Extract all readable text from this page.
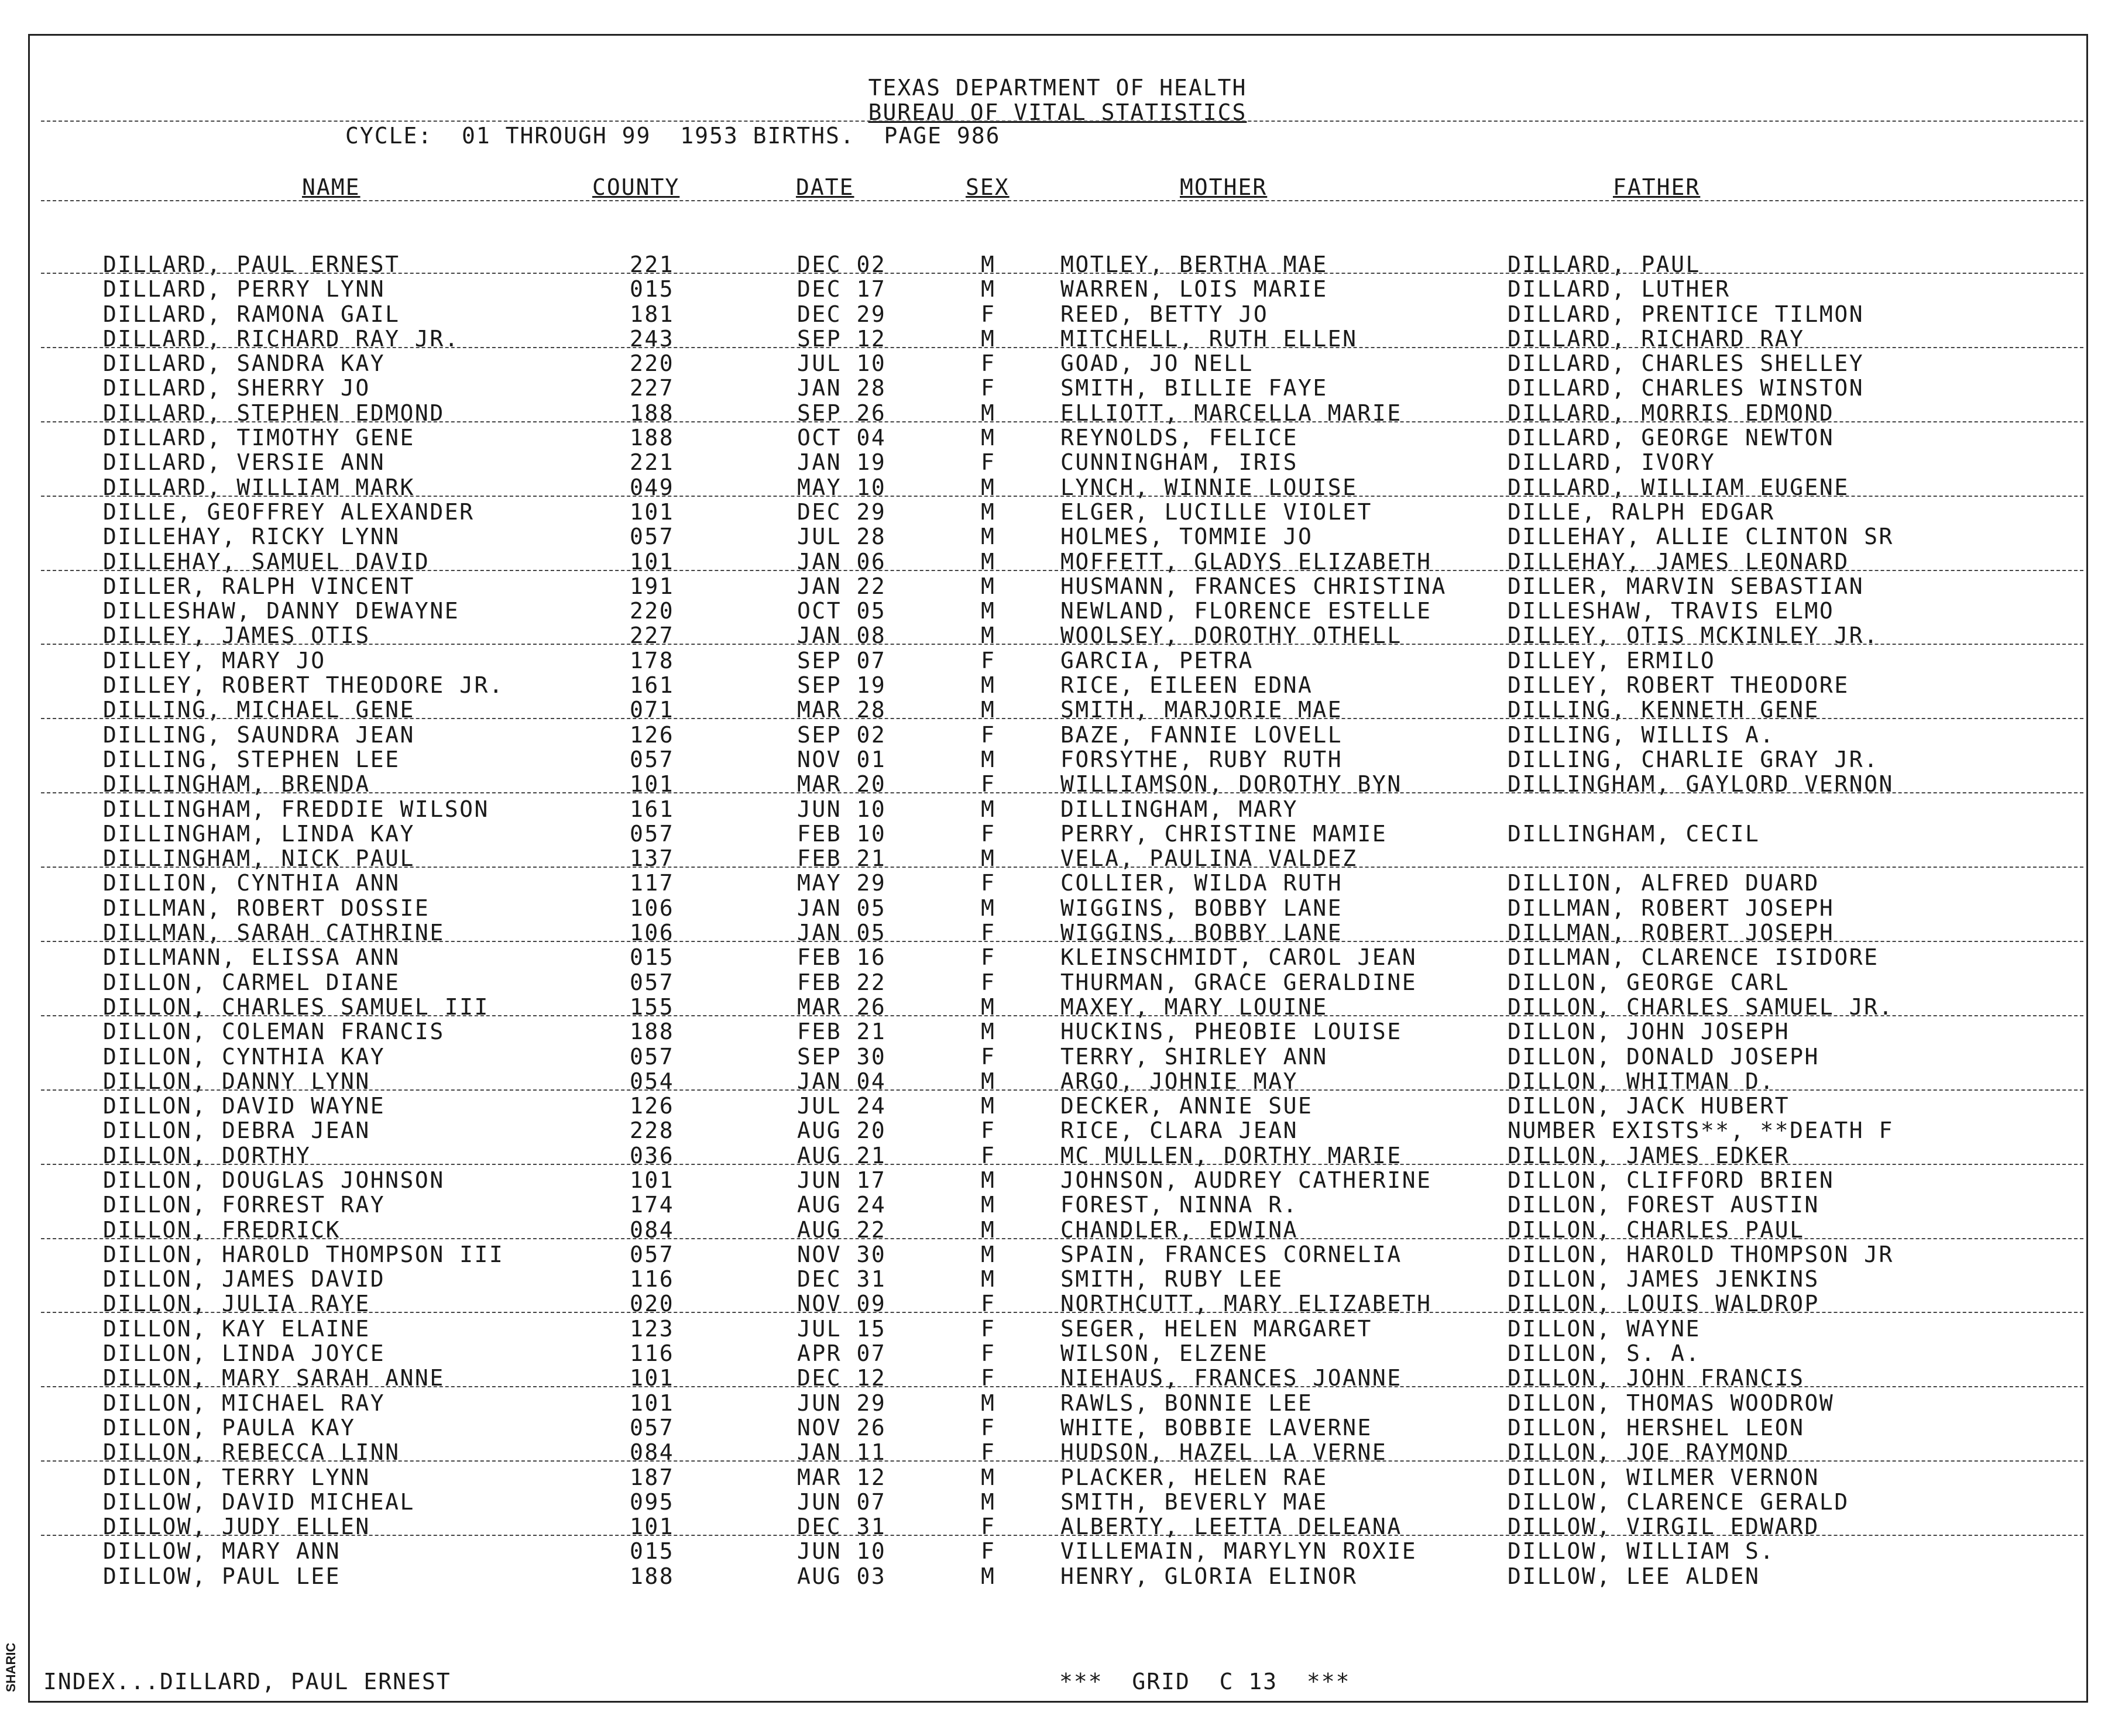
SHARIC
TEXAS DEPARTMENT OF HEALTH
BUREAU OF VITAL STATISTICS
CYCLE:  01 THROUGH 99  1953 BIRTHS.  PAGE 986
NAME	COUNTY	DATE	SEX	MOTHER	FATHER
DILLARD, PAUL ERNEST	221	DEC 02	M	MOTLEY, BERTHA MAE	DILLARD, PAUL
DILLARD, PERRY LYNN	015	DEC 17	M	WARREN, LOIS MARIE	DILLARD, LUTHER
DILLARD, RAMONA GAIL	181	DEC 29	F	REED, BETTY JO	DILLARD, PRENTICE TILMON
DILLARD, RICHARD RAY JR.	243	SEP 12	M	MITCHELL, RUTH ELLEN	DILLARD, RICHARD RAY
DILLARD, SANDRA KAY	220	JUL 10	F	GOAD, JO NELL	DILLARD, CHARLES SHELLEY
DILLARD, SHERRY JO	227	JAN 28	F	SMITH, BILLIE FAYE	DILLARD, CHARLES WINSTON
DILLARD, STEPHEN EDMOND	188	SEP 26	M	ELLIOTT, MARCELLA MARIE	DILLARD, MORRIS EDMOND
DILLARD, TIMOTHY GENE	188	OCT 04	M	REYNOLDS, FELICE	DILLARD, GEORGE NEWTON
DILLARD, VERSIE ANN	221	JAN 19	F	CUNNINGHAM, IRIS	DILLARD, IVORY
DILLARD, WILLIAM MARK	049	MAY 10	M	LYNCH, WINNIE LOUISE	DILLARD, WILLIAM EUGENE
DILLE, GEOFFREY ALEXANDER	101	DEC 29	M	ELGER, LUCILLE VIOLET	DILLE, RALPH EDGAR
DILLEHAY, RICKY LYNN	057	JUL 28	M	HOLMES, TOMMIE JO	DILLEHAY, ALLIE CLINTON SR
DILLEHAY, SAMUEL DAVID	101	JAN 06	M	MOFFETT, GLADYS ELIZABETH	DILLEHAY, JAMES LEONARD
DILLER, RALPH VINCENT	191	JAN 22	M	HUSMANN, FRANCES CHRISTINA	DILLER, MARVIN SEBASTIAN
DILLESHAW, DANNY DEWAYNE	220	OCT 05	M	NEWLAND, FLORENCE ESTELLE	DILLESHAW, TRAVIS ELMO
DILLEY, JAMES OTIS	227	JAN 08	M	WOOLSEY, DOROTHY OTHELL	DILLEY, OTIS MCKINLEY JR.
DILLEY, MARY JO	178	SEP 07	F	GARCIA, PETRA	DILLEY, ERMILO
DILLEY, ROBERT THEODORE JR.	161	SEP 19	M	RICE, EILEEN EDNA	DILLEY, ROBERT THEODORE
DILLING, MICHAEL GENE	071	MAR 28	M	SMITH, MARJORIE MAE	DILLING, KENNETH GENE
DILLING, SAUNDRA JEAN	126	SEP 02	F	BAZE, FANNIE LOVELL	DILLING, WILLIS A.
DILLING, STEPHEN LEE	057	NOV 01	M	FORSYTHE, RUBY RUTH	DILLING, CHARLIE GRAY JR.
DILLINGHAM, BRENDA	101	MAR 20	F	WILLIAMSON, DOROTHY BYN	DILLINGHAM, GAYLORD VERNON
DILLINGHAM, FREDDIE WILSON	161	JUN 10	M	DILLINGHAM, MARY
DILLINGHAM, LINDA KAY	057	FEB 10	F	PERRY, CHRISTINE MAMIE	DILLINGHAM, CECIL
DILLINGHAM, NICK PAUL	137	FEB 21	M	VELA, PAULINA VALDEZ
DILLION, CYNTHIA ANN	117	MAY 29	F	COLLIER, WILDA RUTH	DILLION, ALFRED DUARD
DILLMAN, ROBERT DOSSIE	106	JAN 05	M	WIGGINS, BOBBY LANE	DILLMAN, ROBERT JOSEPH
DILLMAN, SARAH CATHRINE	106	JAN 05	F	WIGGINS, BOBBY LANE	DILLMAN, ROBERT JOSEPH
DILLMANN, ELISSA ANN	015	FEB 16	F	KLEINSCHMIDT, CAROL JEAN	DILLMAN, CLARENCE ISIDORE
DILLON, CARMEL DIANE	057	FEB 22	F	THURMAN, GRACE GERALDINE	DILLON, GEORGE CARL
DILLON, CHARLES SAMUEL III	155	MAR 26	M	MAXEY, MARY LOUINE	DILLON, CHARLES SAMUEL JR.
DILLON, COLEMAN FRANCIS	188	FEB 21	M	HUCKINS, PHEOBIE LOUISE	DILLON, JOHN JOSEPH
DILLON, CYNTHIA KAY	057	SEP 30	F	TERRY, SHIRLEY ANN	DILLON, DONALD JOSEPH
DILLON, DANNY LYNN	054	JAN 04	M	ARGO, JOHNIE MAY	DILLON, WHITMAN D.
DILLON, DAVID WAYNE	126	JUL 24	M	DECKER, ANNIE SUE	DILLON, JACK HUBERT
DILLON, DEBRA JEAN	228	AUG 20	F	RICE, CLARA JEAN	NUMBER EXISTS**, **DEATH F
DILLON, DORTHY	036	AUG 21	F	MC MULLEN, DORTHY MARIE	DILLON, JAMES EDKER
DILLON, DOUGLAS JOHNSON	101	JUN 17	M	JOHNSON, AUDREY CATHERINE	DILLON, CLIFFORD BRIEN
DILLON, FORREST RAY	174	AUG 24	M	FOREST, NINNA R.	DILLON, FOREST AUSTIN
DILLON, FREDRICK	084	AUG 22	M	CHANDLER, EDWINA	DILLON, CHARLES PAUL
DILLON, HAROLD THOMPSON III	057	NOV 30	M	SPAIN, FRANCES CORNELIA	DILLON, HAROLD THOMPSON JR
DILLON, JAMES DAVID	116	DEC 31	M	SMITH, RUBY LEE	DILLON, JAMES JENKINS
DILLON, JULIA RAYE	020	NOV 09	F	NORTHCUTT, MARY ELIZABETH	DILLON, LOUIS WALDROP
DILLON, KAY ELAINE	123	JUL 15	F	SEGER, HELEN MARGARET	DILLON, WAYNE
DILLON, LINDA JOYCE	116	APR 07	F	WILSON, ELZENE	DILLON, S. A.
DILLON, MARY SARAH ANNE	101	DEC 12	F	NIEHAUS, FRANCES JOANNE	DILLON, JOHN FRANCIS
DILLON, MICHAEL RAY	101	JUN 29	M	RAWLS, BONNIE LEE	DILLON, THOMAS WOODROW
DILLON, PAULA KAY	057	NOV 26	F	WHITE, BOBBIE LAVERNE	DILLON, HERSHEL LEON
DILLON, REBECCA LINN	084	JAN 11	F	HUDSON, HAZEL LA VERNE	DILLON, JOE RAYMOND
DILLON, TERRY LYNN	187	MAR 12	M	PLACKER, HELEN RAE	DILLON, WILMER VERNON
DILLOW, DAVID MICHEAL	095	JUN 07	M	SMITH, BEVERLY MAE	DILLOW, CLARENCE GERALD
DILLOW, JUDY ELLEN	101	DEC 31	F	ALBERTY, LEETTA DELEANA	DILLOW, VIRGIL EDWARD
DILLOW, MARY ANN	015	JUN 10	F	VILLEMAIN, MARYLYN ROXIE	DILLOW, WILLIAM S.
DILLOW, PAUL LEE	188	AUG 03	M	HENRY, GLORIA ELINOR	DILLOW, LEE ALDEN
INDEX...DILLARD, PAUL ERNEST	***  GRID  C 13  ***
